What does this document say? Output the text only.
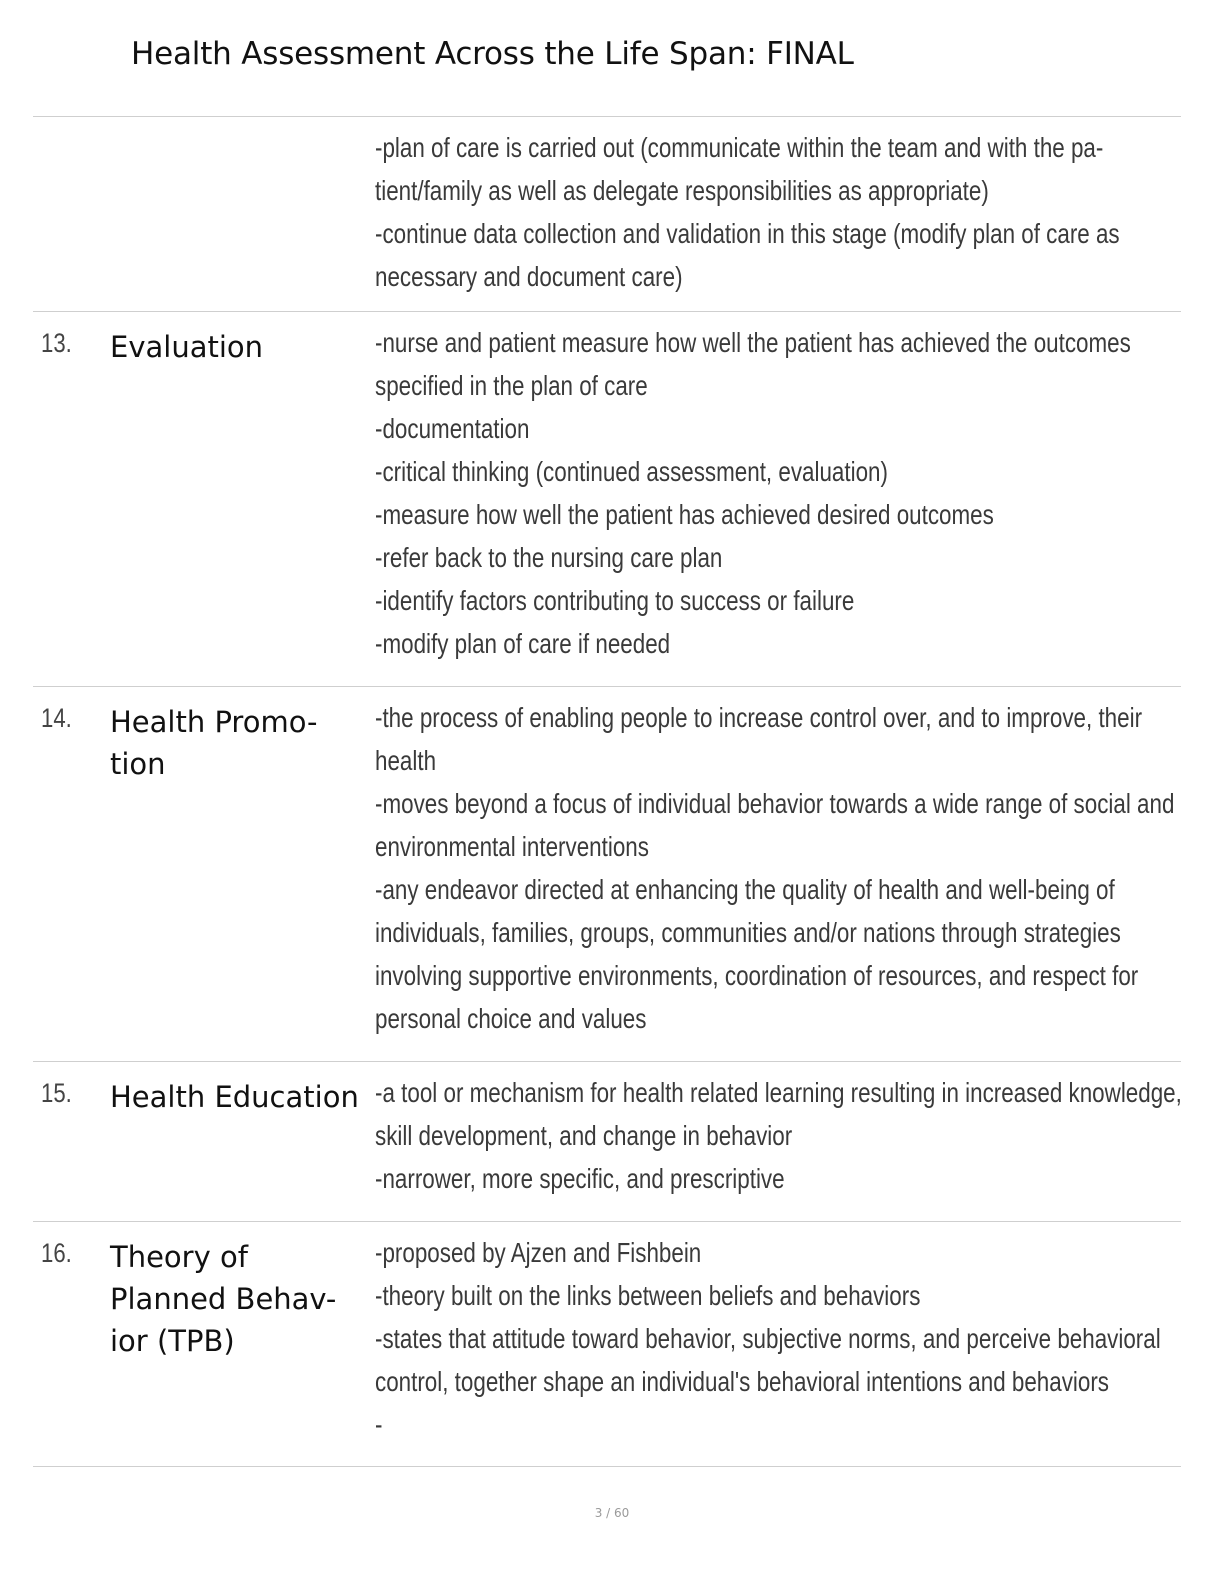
Health Assessment Across the Life Span: FINAL
-plan of care is carried out (communicate within the team and with the pa-
tient/family as well as delegate responsibilities as appropriate)
-continue data collection and validation in this stage (modify plan of care as
necessary and document care)
13. Evaluation	-nurse and patient measure how well the patient has achieved the outcomes
specified in the plan of care
-documentation
-critical thinking (continued assessment, evaluation)
-measure how well the patient has achieved desired outcomes
-refer back to the nursing care plan
-identify factors contributing to success or failure
-modify plan of care if needed
14. Health Promo-
tion
-the process of enabling people to increase control over, and to improve, their
health
-moves beyond a focus of individual behavior towards a wide range of social and
environmental interventions
-any endeavor directed at enhancing the quality of health and well-being of
individuals, families, groups, communities and/or nations through strategies
involving supportive environments, coordination of resources, and respect for
personal choice and values
15. Health Education -a tool or mechanism for health related learning resulting in increased knowledge,
skill development, and change in behavior
-narrower, more specific, and prescriptive
16. Theory of
Planned Behav-
ior (TPB)
-proposed by Ajzen and Fishbein
-theory built on the links between beliefs and behaviors
-states that attitude toward behavior, subjective norms, and perceive behavioral
control, together shape an individual's behavioral intentions and behaviors
-
3 / 60
